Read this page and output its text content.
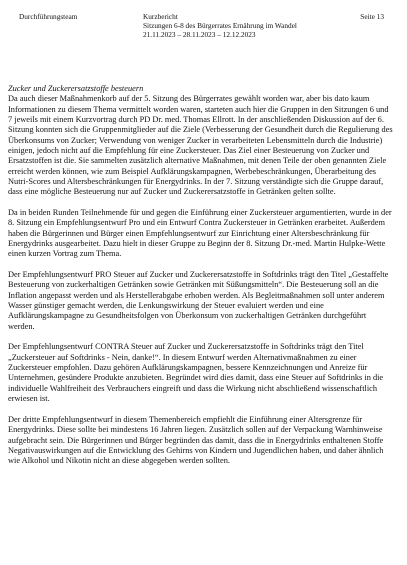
Durchführungsteam	Kurzbericht
Sitzungen 6-8 des Bürgerrates Ernährung im Wandel
21.11.2023 – 28.11.2023 – 12.12.2023
Seite 13
Zucker und Zuckerersatzstoffe besteuern

Da auch dieser Maßnahmenkorb auf der 5. Sitzung des Bürgerrates gewählt worden war, aber bis dato kaum Informationen zu diesem Thema vermittelt worden waren, starteten auch hier die Gruppen in den Sitzungen 6 und 7 jeweils mit einem Kurzvortrag durch PD Dr. med. Thomas Ellrott. In der anschließenden Diskussion auf der 6. Sitzung konnten sich die Gruppenmitglieder auf die Ziele (Verbesserung der Gesundheit durch die Regulierung des Überkonsums von Zucker; Verwendung von weniger Zucker in verarbeiteten Lebensmitteln durch die Industrie) einigen, jedoch nicht auf die Empfehlung für eine Zuckersteuer. Das Ziel einer Besteuerung von Zucker und Ersatzstoffen ist die. Sie sammelten zusätzlich alternative Maßnahmen, mit denen Teile der oben genannten Ziele erreicht werden können, wie zum Beispiel Aufklärungskampagnen, Werbebeschränkungen, Überarbeitung des Nutri-Scores und Altersbeschränkungen für Energydrinks. In der 7. Sitzung verständigte sich die Gruppe darauf, dass eine mögliche Besteuerung nur auf Zucker und Zuckerersatzstoffe in Getränken gelten sollte.

Da in beiden Runden Teilnehmende für und gegen die Einführung einer Zuckersteuer argumentierten, wurde in der 8. Sitzung ein Empfehlungsentwurf Pro und ein Entwurf Contra Zuckersteuer in Getränken erarbeitet. Außerdem haben die Bürgerinnen und Bürger einen Empfehlungsentwurf zur Einrichtung einer Altersbeschränkung für Energydrinks ausgearbeitet. Dazu hielt in dieser Gruppe zu Beginn der 8. Sitzung Dr.-med. Martin Hulpke-Wette einen kurzen Vortrag zum Thema.

Der Empfehlungsentwurf PRO Steuer auf Zucker und Zuckerersatzstoffe in Softdrinks trägt den Titel „Gestaffelte Besteuerung von zuckerhaltigen Getränken sowie Getränken mit Süßungsmitteln“. Die Besteuerung soll an die Inflation angepasst werden und als Herstellerabgabe erhoben werden. Als Begleitmaßnahmen soll unter anderem Wasser günstiger gemacht werden, die Lenkungswirkung der Steuer evaluiert werden und eine Aufklärungskampagne zu Gesundheitsfolgen von Überkonsum von zuckerhaltigen Getränken durchgeführt werden.

Der Empfehlungsentwurf CONTRA Steuer auf Zucker und Zuckerersatzstoffe in Softdrinks trägt den Titel „Zuckersteuer auf Softdrinks - Nein, danke!“. In diesem Entwurf werden Alternativmaßnahmen zu einer Zuckersteuer empfohlen. Dazu gehören Aufklärungskampagnen, bessere Kennzeichnungen und Anreize für Unternehmen, gesündere Produkte anzubieten. Begründet wird dies damit, dass eine Steuer auf Softdrinks in die individuelle Wahlfreiheit des Verbrauchers eingreift und dass die Wirkung nicht abschließend wissenschaftlich erwiesen ist.

Der dritte Empfehlungsentwurf in diesem Themenbereich empfiehlt die Einführung einer Altersgrenze für Energydrinks. Diese sollte bei mindestens 16 Jahren liegen. Zusätzlich sollen auf der Verpackung Warnhinweise aufgebracht sein. Die Bürgerinnen und Bürger begründen das damit, dass die in Energydrinks enthaltenen Stoffe Negativauswirkungen auf die Entwicklung des Gehirns von Kindern und Jugendlichen haben, und daher ähnlich wie Alkohol und Nikotin nicht an diese abgegeben werden sollten.
